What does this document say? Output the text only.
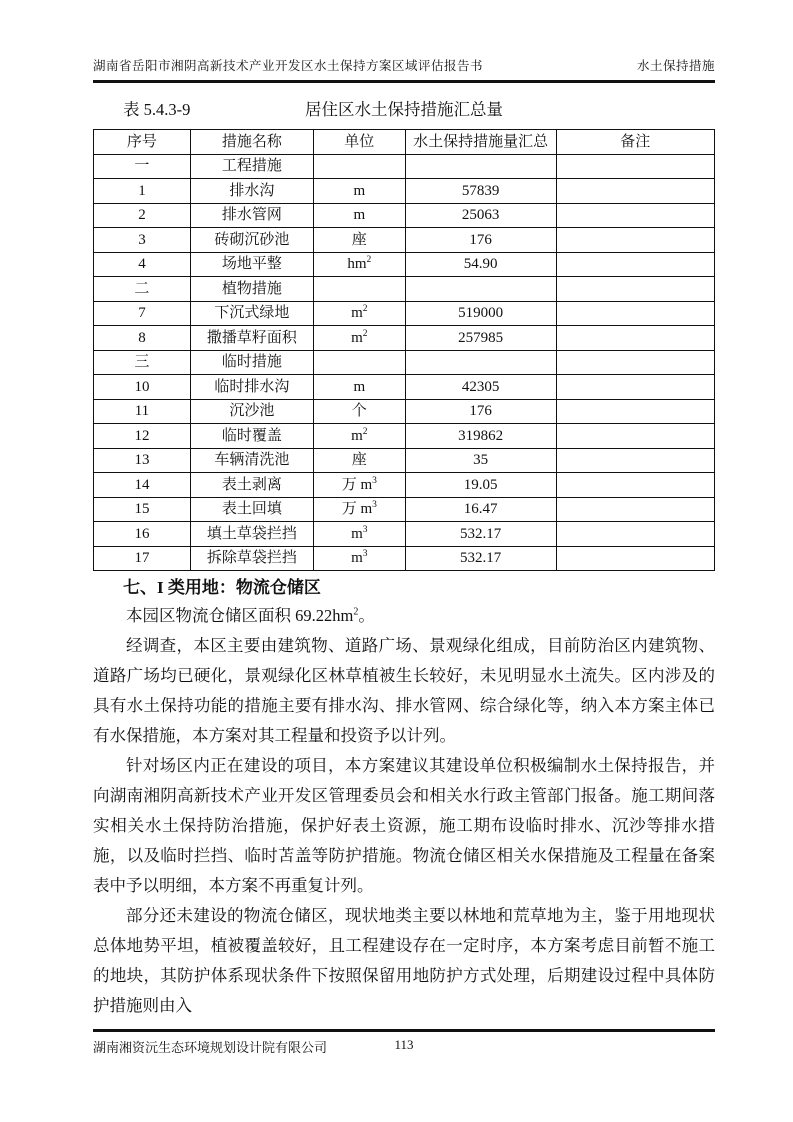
湖南省岳阳市湘阴高新技术产业开发区水土保持方案区域评估报告书	水土保持措施
表 5.4.3-9	居住区水土保持措施汇总量
序号	措施名称	单位	水土保持措施量汇总	备注
一	工程措施			
1	排水沟	m	57839	
2	排水管网	m	25063	
3	砖砌沉砂池	座	176	
4	场地平整	$hm^2$	54.90	
二	植物措施			
7	下沉式绿地	$m^2$	519000	
8	撒播草籽面积	$m^2$	257985	
三	临时措施			
10	临时排水沟	m	42305	
11	沉沙池	个	176	
12	临时覆盖	$m^2$	319862	
13	车辆清洗池	座	35	
14	表土剥离	万 $m^3$	19.05	
15	表土回填	万 $m^3$	16.47	
16	填土草袋拦挡	$m^3$	532.17	
17	拆除草袋拦挡	$m^3$	532.17	
七、I 类用地：物流仓储区

本园区物流仓储区面积 $69.22hm^2$。

经调查，本区主要由建筑物、道路广场、景观绿化组成，目前防治区内建筑物、道路广场均已硬化，景观绿化区林草植被生长较好，未见明显水土流失。区内涉及的具有水土保持功能的措施主要有排水沟、排水管网、综合绿化等，纳入本方案主体已有水保措施，本方案对其工程量和投资予以计列。

针对场区内正在建设的项目，本方案建议其建设单位积极编制水土保持报告，并向湖南湘阴高新技术产业开发区管理委员会和相关水行政主管部门报备。施工期间落实相关水土保持防治措施，保护好表土资源，施工期布设临时排水、沉沙等排水措施，以及临时拦挡、临时苫盖等防护措施。物流仓储区相关水保措施及工程量在备案表中予以明细，本方案不再重复计列。

部分还未建设的物流仓储区，现状地类主要以林地和荒草地为主，鉴于用地现状总体地势平坦，植被覆盖较好，且工程建设存在一定时序，本方案考虑目前暂不施工的地块，其防护体系现状条件下按照保留用地防护方式处理，后期建设过程中具体防护措施则由入

湖南湘资沅生态环境规划设计院有限公司	113
